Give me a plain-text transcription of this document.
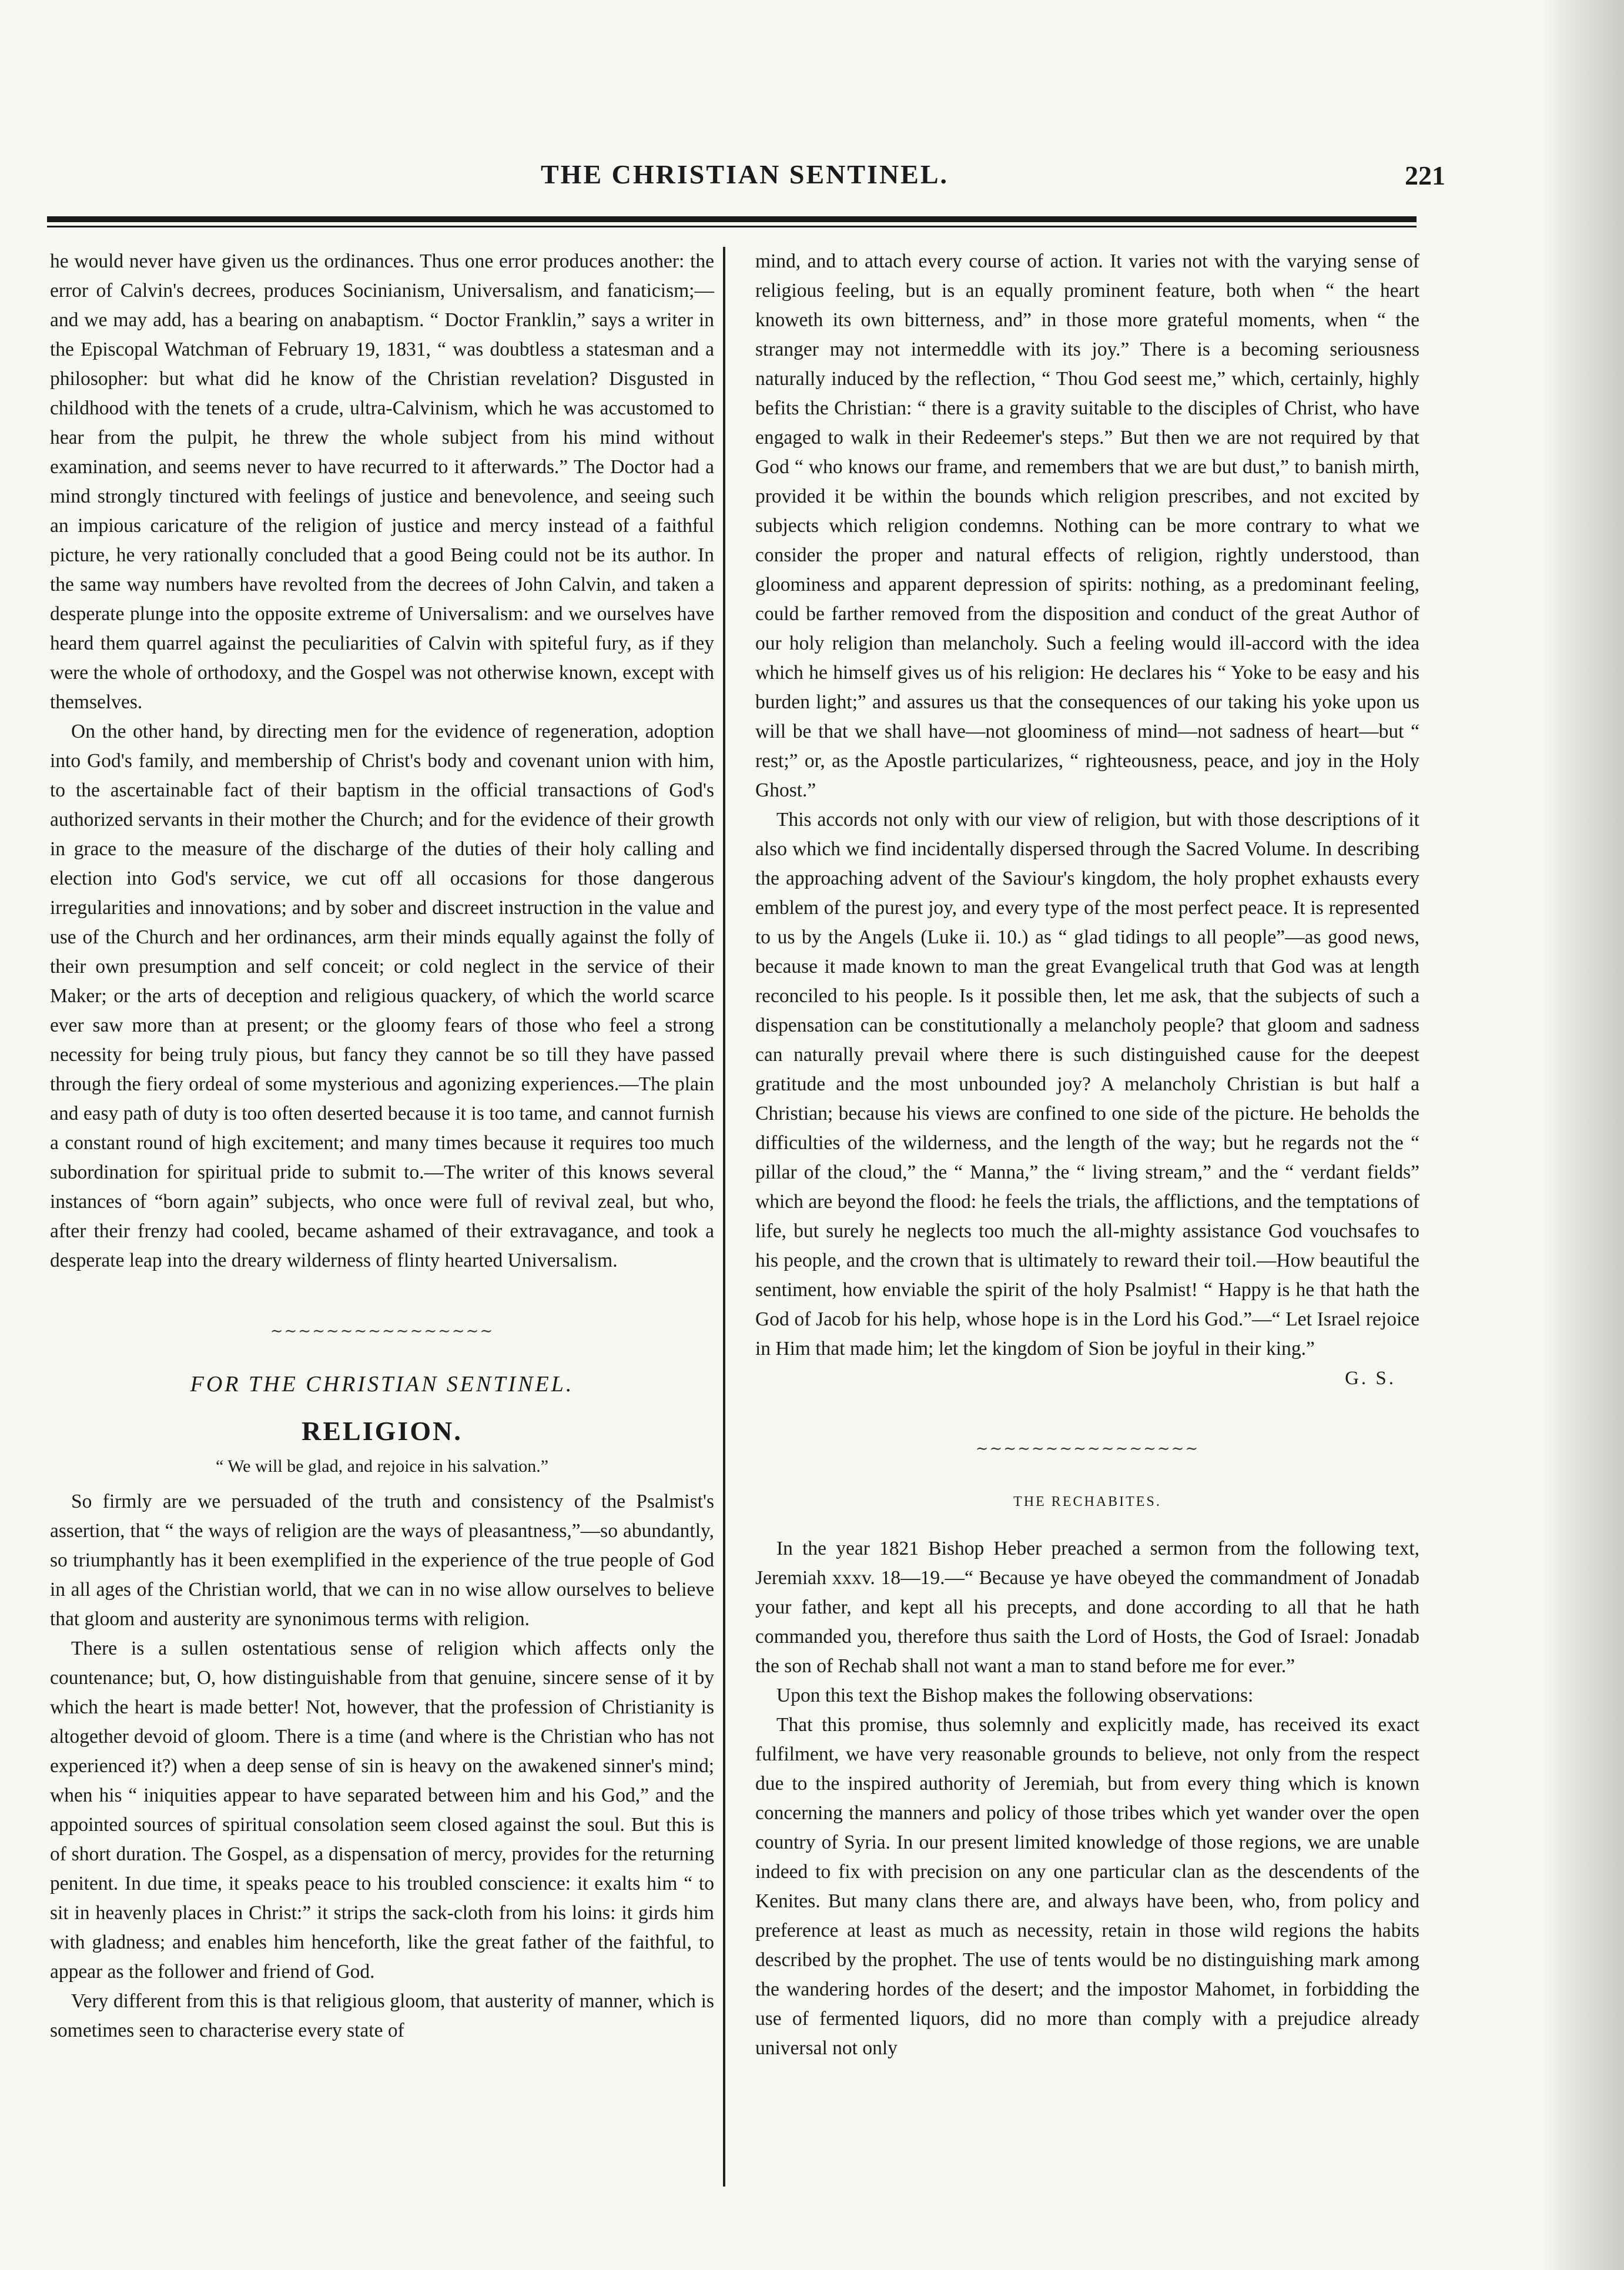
THE CHRISTIAN SENTINEL.	221

he would never have given us the ordinances. Thus one error produces another: the error of Calvin's decrees, produces Socinianism, Universalism, and fanaticism;—and we may add, has a bearing on anabaptism. “ Doctor Franklin,” says a writer in the Episcopal Watchman of February 19, 1831, “ was doubtless a statesman and a philosopher: but what did he know of the Christian revelation? Disgusted in childhood with the tenets of a crude, ultra-Calvinism, which he was accustomed to hear from the pulpit, he threw the whole subject from his mind without examination, and seems never to have recurred to it afterwards.” The Doctor had a mind strongly tinctured with feelings of justice and benevolence, and seeing such an impious caricature of the religion of justice and mercy instead of a faithful picture, he very rationally concluded that a good Being could not be its author. In the same way numbers have revolted from the decrees of John Calvin, and taken a desperate plunge into the opposite extreme of Universalism: and we ourselves have heard them quarrel against the peculiarities of Calvin with spiteful fury, as if they were the whole of orthodoxy, and the Gospel was not otherwise known, except with themselves.

On the other hand, by directing men for the evidence of regeneration, adoption into God's family, and membership of Christ's body and covenant union with him, to the ascertainable fact of their baptism in the official transactions of God's authorized servants in their mother the Church; and for the evidence of their growth in grace to the measure of the discharge of the duties of their holy calling and election into God's service, we cut off all occasions for those dangerous irregularities and innovations; and by sober and discreet instruction in the value and use of the Church and her ordinances, arm their minds equally against the folly of their own presumption and self conceit; or cold neglect in the service of their Maker; or the arts of deception and religious quackery, of which the world scarce ever saw more than at present; or the gloomy fears of those who feel a strong necessity for being truly pious, but fancy they cannot be so till they have passed through the fiery ordeal of some mysterious and agonizing experiences.—The plain and easy path of duty is too often deserted because it is too tame, and cannot furnish a constant round of high excitement; and many times because it requires too much subordination for spiritual pride to submit to.—The writer of this knows several instances of “born again” subjects, who once were full of revival zeal, but who, after their frenzy had cooled, became ashamed of their extravagance, and took a desperate leap into the dreary wilderness of flinty hearted Universalism.

∼∼∼∼∼∼∼∼∼∼∼∼∼∼∼∼
FOR THE CHRISTIAN SENTINEL.
RELIGION.
“ We will be glad, and rejoice in his salvation.”

So firmly are we persuaded of the truth and consistency of the Psalmist's assertion, that “ the ways of religion are the ways of pleasantness,”—so abundantly, so triumphantly has it been exemplified in the experience of the true people of God in all ages of the Christian world, that we can in no wise allow ourselves to believe that gloom and austerity are synonimous terms with religion.

There is a sullen ostentatious sense of religion which affects only the countenance; but, O, how distinguishable from that genuine, sincere sense of it by which the heart is made better! Not, however, that the profession of Christianity is altogether devoid of gloom. There is a time (and where is the Christian who has not experienced it?) when a deep sense of sin is heavy on the awakened sinner's mind; when his “ iniquities appear to have separated between him and his God,” and the appointed sources of spiritual consolation seem closed against the soul. But this is of short duration. The Gospel, as a dispensation of mercy, provides for the returning penitent. In due time, it speaks peace to his troubled conscience: it exalts him “ to sit in heavenly places in Christ:” it strips the sack-cloth from his loins: it girds him with gladness; and enables him henceforth, like the great father of the faithful, to appear as the follower and friend of God.

Very different from this is that religious gloom, that austerity of manner, which is sometimes seen to characterise every state of

mind, and to attach every course of action. It varies not with the varying sense of religious feeling, but is an equally prominent feature, both when “ the heart knoweth its own bitterness, and” in those more grateful moments, when “ the stranger may not intermeddle with its joy.” There is a becoming seriousness naturally induced by the reflection, “ Thou God seest me,” which, certainly, highly befits the Christian: “ there is a gravity suitable to the disciples of Christ, who have engaged to walk in their Redeemer's steps.” But then we are not required by that God “ who knows our frame, and remembers that we are but dust,” to banish mirth, provided it be within the bounds which religion prescribes, and not excited by subjects which religion condemns. Nothing can be more contrary to what we consider the proper and natural effects of religion, rightly understood, than gloominess and apparent depression of spirits: nothing, as a predominant feeling, could be farther removed from the disposition and conduct of the great Author of our holy religion than melancholy. Such a feeling would ill-accord with the idea which he himself gives us of his religion: He declares his “ Yoke to be easy and his burden light;” and assures us that the consequences of our taking his yoke upon us will be that we shall have—not gloominess of mind—not sadness of heart—but “ rest;” or, as the Apostle particularizes, “ righteousness, peace, and joy in the Holy Ghost.”

This accords not only with our view of religion, but with those descriptions of it also which we find incidentally dispersed through the Sacred Volume. In describing the approaching advent of the Saviour's kingdom, the holy prophet exhausts every emblem of the purest joy, and every type of the most perfect peace. It is represented to us by the Angels (Luke ii. 10.) as “ glad tidings to all people”—as good news, because it made known to man the great Evangelical truth that God was at length reconciled to his people. Is it possible then, let me ask, that the subjects of such a dispensation can be constitutionally a melancholy people? that gloom and sadness can naturally prevail where there is such distinguished cause for the deepest gratitude and the most unbounded joy? A melancholy Christian is but half a Christian; because his views are confined to one side of the picture. He beholds the difficulties of the wilderness, and the length of the way; but he regards not the “ pillar of the cloud,” the “ Manna,” the “ living stream,” and the “ verdant fields” which are beyond the flood: he feels the trials, the afflictions, and the temptations of life, but surely he neglects too much the all-mighty assistance God vouchsafes to his people, and the crown that is ultimately to reward their toil.—How beautiful the sentiment, how enviable the spirit of the holy Psalmist! “ Happy is he that hath the God of Jacob for his help, whose hope is in the Lord his God.”—“ Let Israel rejoice in Him that made him; let the kingdom of Sion be joyful in their king.”

G. S.
∼∼∼∼∼∼∼∼∼∼∼∼∼∼∼∼
THE RECHABITES.

In the year 1821 Bishop Heber preached a sermon from the following text, Jeremiah xxxv. 18—19.—“ Because ye have obeyed the commandment of Jonadab your father, and kept all his precepts, and done according to all that he hath commanded you, therefore thus saith the Lord of Hosts, the God of Israel: Jonadab the son of Rechab shall not want a man to stand before me for ever.”

Upon this text the Bishop makes the following observations:

That this promise, thus solemnly and explicitly made, has received its exact fulfilment, we have very reasonable grounds to believe, not only from the respect due to the inspired authority of Jeremiah, but from every thing which is known concerning the manners and policy of those tribes which yet wander over the open country of Syria. In our present limited knowledge of those regions, we are unable indeed to fix with precision on any one particular clan as the descendents of the Kenites. But many clans there are, and always have been, who, from policy and preference at least as much as necessity, retain in those wild regions the habits described by the prophet. The use of tents would be no distinguishing mark among the wandering hordes of the desert; and the impostor Mahomet, in forbidding the use of fermented liquors, did no more than comply with a prejudice already universal not only
